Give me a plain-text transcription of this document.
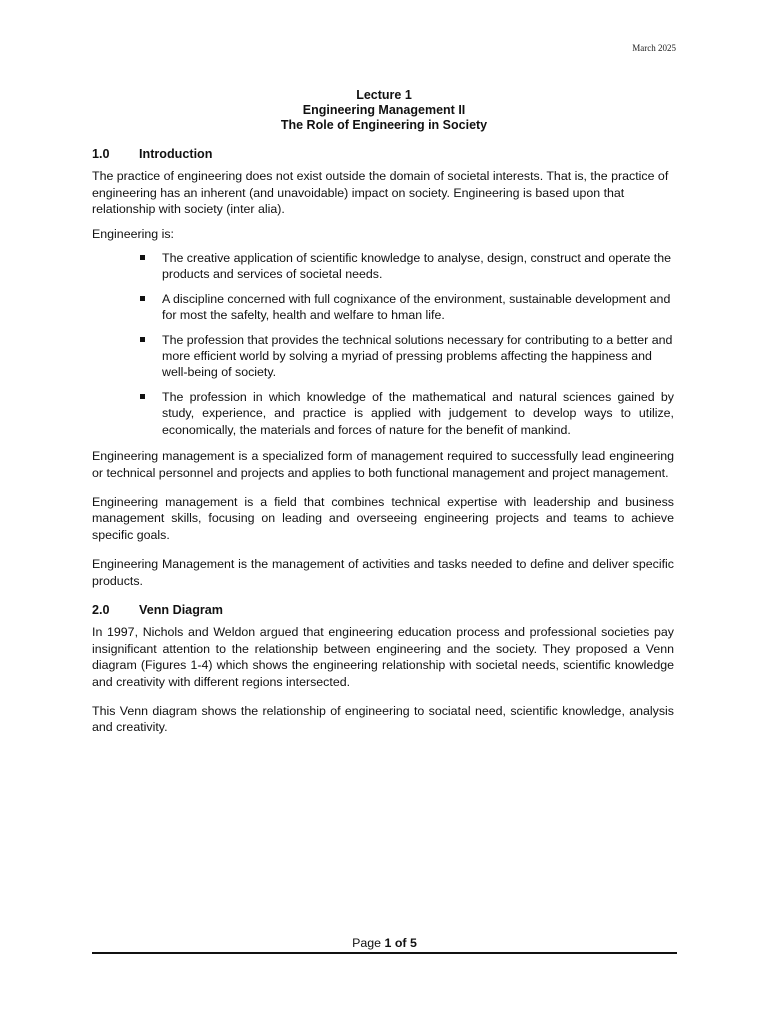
March 2025
Lecture 1
Engineering Management II
The Role of Engineering in Society
1.0	Introduction

The practice of engineering does not exist outside the domain of societal interests. That is, the practice of engineering has an inherent (and unavoidable) impact on society. Engineering is based upon that relationship with society (inter alia).

Engineering is:

The creative application of scientific knowledge to analyse, design, construct and operate the products and services of societal needs.
A discipline concerned with full cognixance of the environment, sustainable development and for most the safelty, health and welfare to hman life.
The profession that provides the technical solutions necessary for contributing to a better and more efficient world by solving a myriad of pressing problems affecting the happiness and well-being of society.
The profession in which knowledge of the mathematical and natural sciences gained by study, experience, and practice is applied with judgement to develop ways to utilize, economically, the materials and forces of nature for the benefit of mankind.

Engineering management is a specialized form of management required to successfully lead engineering or technical personnel and projects and applies to both functional management and project management.

Engineering management is a field that combines technical expertise with leadership and business management skills, focusing on leading and overseeing engineering projects and teams to achieve specific goals.

Engineering Management is the management of activities and tasks needed to define and deliver specific products.

2.0	Venn Diagram

In 1997, Nichols and Weldon argued that engineering education process and professional societies pay insignificant attention to the relationship between engineering and the society. They proposed a Venn diagram (Figures 1-4) which shows the engineering relationship with societal needs, scientific knowledge and creativity with different regions intersected.

This Venn diagram shows the relationship of engineering to sociatal need, scientific knowledge, analysis and creativity.

Page 1 of 5
